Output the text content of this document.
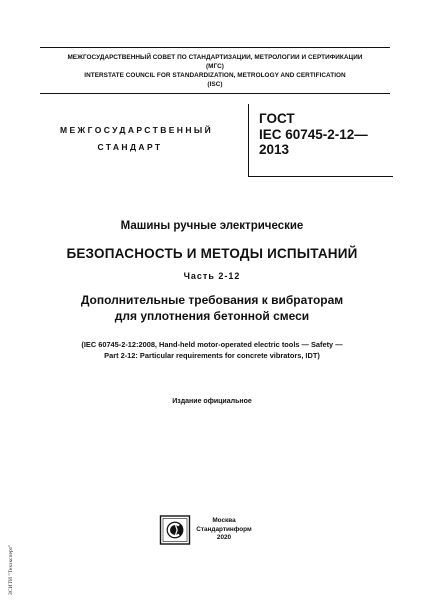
МЕЖГОСУДАРСТВЕННЫЙ СОВЕТ ПО СТАНДАРТИЗАЦИИ, МЕТРОЛОГИИ И СЕРТИФИКАЦИИ
(МГС)
INTERSTATE COUNCIL FOR STANDARDIZATION, METROLOGY AND CERTIFICATION
(ISC)
МЕЖГОСУДАРСТВЕННЫЙ
СТАНДАРТ
ГОСТ
IEC 60745-2-12—
2013
Машины ручные электрические
БЕЗОПАСНОСТЬ И МЕТОДЫ ИСПЫТАНИЙ
Часть 2-12
Дополнительные требования к вибраторам
для уплотнения бетонной смеси
(IEC 60745-2-12:2008, Hand-held motor-operated electric tools — Safety —
Part 2-12: Particular requirements for concrete vibrators, IDT)
Издание официальное
Москва
Стандартинформ
2020
ЗСИТИ "Техэксперт"
